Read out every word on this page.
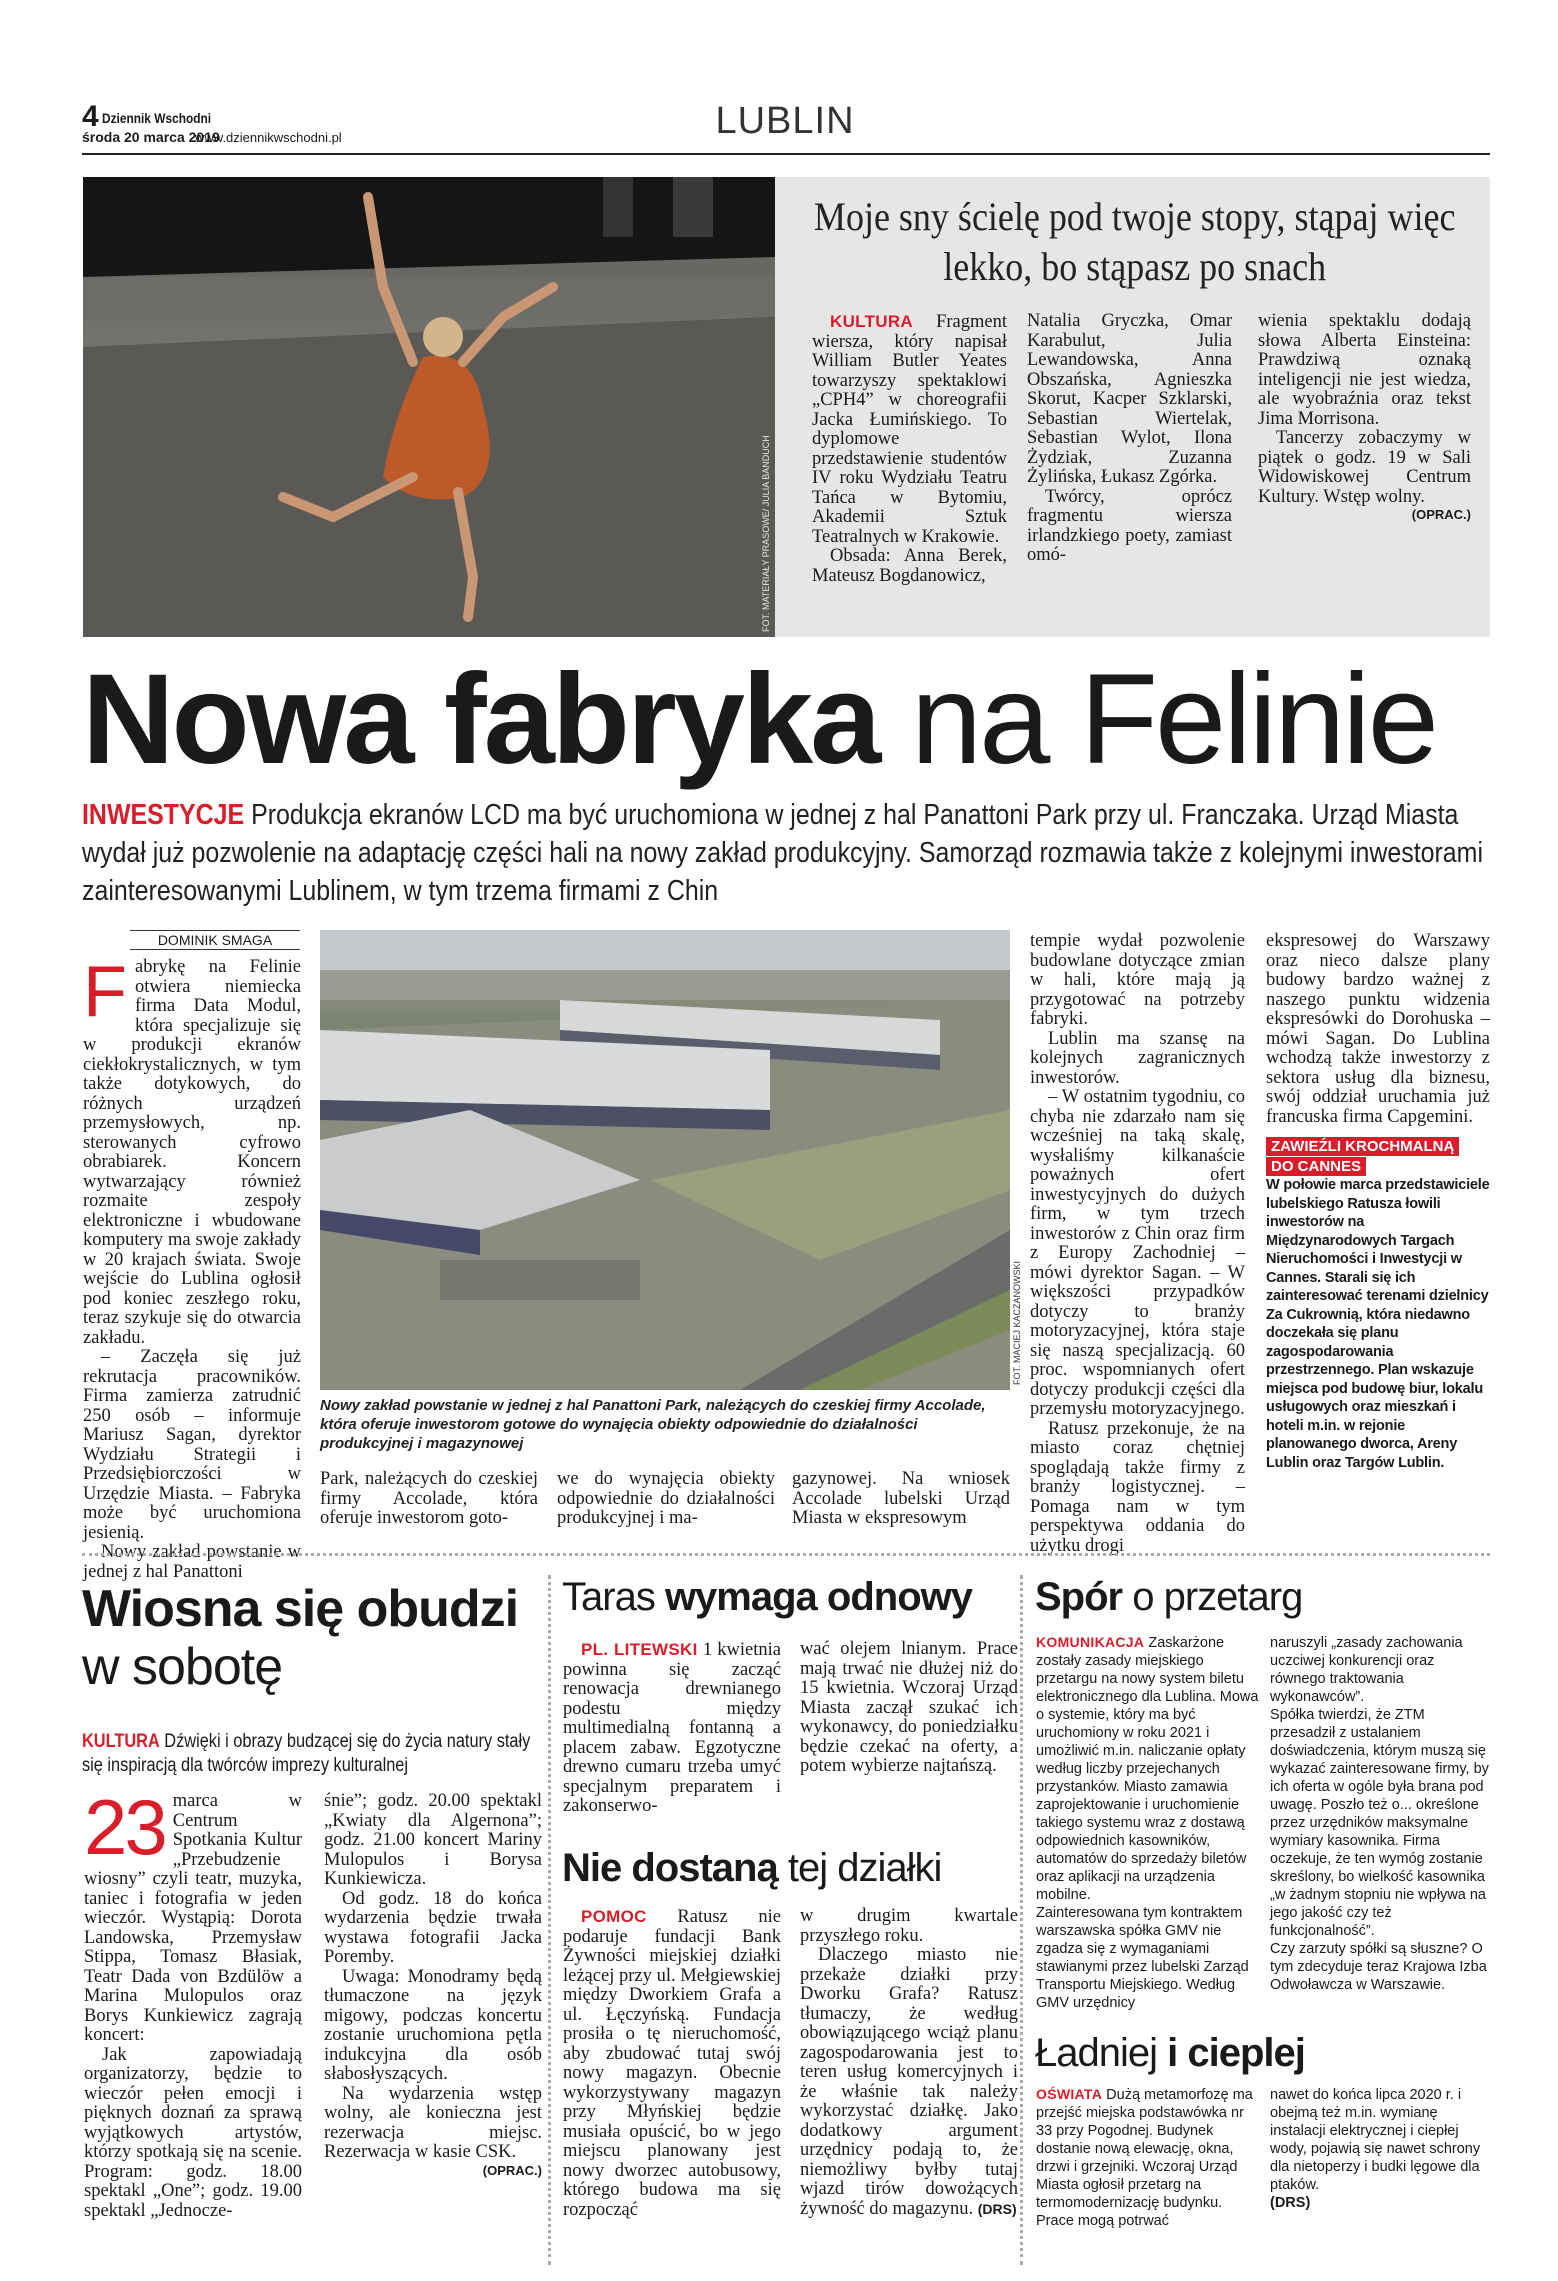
4 Dziennik Wschodni
środa 20 marca 2019
www.dziennikwschodni.pl	LUBLIN
FOT. MATERIAŁY PRASOWE/ JULIA BANDUCH
Moje sny ścielę pod twoje stopy, stąpaj więc lekko, bo stąpasz po snach

KULTURA Fragment wiersza, który napisał William Butler Yeates towarzyszy spektaklowi „CPH4” w choreografii Jacka Łumińskiego. To dyplomowe przedstawienie studentów IV roku Wydziału Teatru Tańca w Bytomiu, Akademii Sztuk Teatralnych w Krakowie.

Obsada: Anna Berek, Mateusz Bogdanowicz,

Natalia Gryczka, Omar Karabulut, Julia Lewandowska, Anna Obszańska, Agnieszka Skorut, Kacper Szklarski, Sebastian Wiertelak, Sebastian Wylot, Ilona Żydziak, Zuzanna Żylińska, Łukasz Zgórka.

Twórcy, oprócz fragmentu wiersza irlandzkiego poety, zamiast omó-

wienia spektaklu dodają słowa Alberta Einsteina: Prawdziwą oznaką inteligencji nie jest wiedza, ale wyobraźnia oraz tekst Jima Morrisona.

Tancerzy zobaczymy w piątek o godz. 19 w Sali Widowiskowej Centrum Kultury. Wstęp wolny.

(OPRAC.)

Nowa fabryka na Felinie
INWESTYCJE Produkcja ekranów LCD ma być uruchomiona w jednej z hal Panattoni Park przy ul. Franczaka. Urząd Miasta wydał już pozwolenie na adaptację części hali na nowy zakład produkcyjny. Samorząd rozmawia także z kolejnymi inwestorami zainteresowanymi Lublinem, w tym trzema firmami z Chin
DOMINIK SMAGA

Fabrykę na Felinie otwiera niemiecka firma Data Modul, która specjalizuje się w produkcji ekranów ciekłokrystalicznych, w tym także dotykowych, do różnych urządzeń przemysłowych, np. sterowanych cyfrowo obrabiarek. Koncern wytwarzający również rozmaite zespoły elektroniczne i wbudowane komputery ma swoje zakłady w 20 krajach świata. Swoje wejście do Lublina ogłosił pod koniec zeszłego roku, teraz szykuje się do otwarcia zakładu.

– Zaczęła się już rekrutacja pracowników. Firma zamierza zatrudnić 250 osób – informuje Mariusz Sagan, dyrektor Wydziału Strategii i Przedsiębiorczości w Urzędzie Miasta. – Fabryka może być uruchomiona jesienią.

Nowy zakład powstanie w jednej z hal Panattoni

FOT. MACIEJ KACZANOWSKI
Nowy zakład powstanie w jednej z hal Panattoni Park, należących do czeskiej firmy Accolade, która oferuje inwestorom gotowe do wynajęcia obiekty odpowiednie do działalności produkcyjnej i magazynowej

Park, należących do czeskiej firmy Accolade, która oferuje inwestorom goto-

we do wynajęcia obiekty odpowiednie do działalności produkcyjnej i ma-

gazynowej. Na wniosek Accolade lubelski Urząd Miasta w ekspresowym

tempie wydał pozwolenie budowlane dotyczące zmian w hali, które mają ją przygotować na potrzeby fabryki.

Lublin ma szansę na kolejnych zagranicznych inwestorów.

– W ostatnim tygodniu, co chyba nie zdarzało nam się wcześniej na taką skalę, wysłaliśmy kilkanaście poważnych ofert inwestycyjnych do dużych firm, w tym trzech inwestorów z Chin oraz firm z Europy Zachodniej – mówi dyrektor Sagan. – W większości przypadków dotyczy to branży motoryzacyjnej, która staje się naszą specjalizacją. 60 proc. wspomnianych ofert dotyczy produkcji części dla przemysłu motoryzacyjnego.

Ratusz przekonuje, że na miasto coraz chętniej spoglądają także firmy z branży logistycznej. – Pomaga nam w tym perspektywa oddania do użytku drogi

ekspresowej do Warszawy oraz nieco dalsze plany budowy bardzo ważnej z naszego punktu widzenia ekspresówki do Dorohuska – mówi Sagan. Do Lublina wchodzą także inwestorzy z sektora usług dla biznesu, swój oddział uruchamia już francuska firma Capgemini.

ZAWIEŹLI KROCHMALNĄ
DO CANNES
W połowie marca przedstawiciele lubelskiego Ratusza łowili inwestorów na Międzynarodowych Targach Nieruchomości i Inwestycji w Cannes. Starali się ich zainteresować terenami dzielnicy Za Cukrownią, która niedawno doczekała się planu zagospodarowania przestrzennego. Plan wskazuje miejsca pod budowę biur, lokalu usługowych oraz mieszkań i hoteli m.in. w rejonie planowanego dworca, Areny Lublin oraz Targów Lublin.
Wiosna się obudzi
w sobotę
KULTURA Dźwięki i obrazy budzącej się do życia natury stały się inspiracją dla twórców imprezy kulturalnej

23 marca w Centrum Spotkania Kultur „Przebudzenie wiosny” czyli teatr, muzyka, taniec i fotografia w jeden wieczór. Wystąpią: Dorota Landowska, Przemysław Stippa, Tomasz Błasiak, Teatr Dada von Bzdülöw a Marina Mulopulos oraz Borys Kunkiewicz zagrają koncert:

Jak zapowiadają organizatorzy, będzie to wieczór pełen emocji i pięknych doznań za sprawą wyjątkowych artystów, którzy spotkają się na scenie. Program: godz. 18.00 spektakl „One”; godz. 19.00 spektakl „Jednocze-

śnie”; godz. 20.00 spektakl „Kwiaty dla Algernona”; godz. 21.00 koncert Mariny Mulopulos i Borysa Kunkiewicza.

Od godz. 18 do końca wydarzenia będzie trwała wystawa fotografii Jacka Poremby.

Uwaga: Monodramy będą tłumaczone na język migowy, podczas koncertu zostanie uruchomiona pętla indukcyjna dla osób słabosłyszących.

Na wydarzenia wstęp wolny, ale konieczna jest rezerwacja miejsc. Rezerwacja w kasie CSK.

(OPRAC.)

Taras wymaga odnowy

PL. LITEWSKI 1 kwietnia powinna się zacząć renowacja drewnianego podestu między multimedialną fontanną a placem zabaw. Egzotyczne drewno cumaru trzeba umyć specjalnym preparatem i zakonserwo-

wać olejem lnianym. Prace mają trwać nie dłużej niż do 15 kwietnia. Wczoraj Urząd Miasta zaczął szukać ich wykonawcy, do poniedziałku będzie czekać na oferty, a potem wybierze najtańszą.

Nie dostaną tej działki

POMOC Ratusz nie podaruje fundacji Bank Żywności miejskiej działki leżącej przy ul. Mełgiewskiej między Dworkiem Grafa a ul. Łęczyńską. Fundacja prosiła o tę nieruchomość, aby zbudować tutaj swój nowy magazyn. Obecnie wykorzystywany magazyn przy Młyńskiej będzie musiała opuścić, bo w jego miejscu planowany jest nowy dworzec autobusowy, którego budowa ma się rozpocząć

w drugim kwartale przyszłego roku.

Dlaczego miasto nie przekaże działki przy Dworku Grafa? Ratusz tłumaczy, że według obowiązującego wciąż planu zagospodarowania jest to teren usług komercyjnych i że właśnie tak należy wykorzystać działkę. Jako dodatkowy argument urzędnicy podają to, że niemożliwy byłby tutaj wjazd tirów dowożących żywność do magazynu. (DRS)

Spór o przetarg

KOMUNIKACJA Zaskarżone zostały zasady miejskiego przetargu na nowy system biletu elektronicznego dla Lublina. Mowa o systemie, który ma być uruchomiony w roku 2021 i umożliwić m.in. naliczanie opłaty według liczby przejechanych przystanków. Miasto zamawia zaprojektowanie i uruchomienie takiego systemu wraz z dostawą odpowiednich kasowników, automatów do sprzedaży biletów oraz aplikacji na urządzenia mobilne.

Zainteresowana tym kontraktem warszawska spółka GMV nie zgadza się z wymaganiami stawianymi przez lubelski Zarząd Transportu Miejskiego. Według GMV urzędnicy

naruszyli „zasady zachowania uczciwej konkurencji oraz równego traktowania wykonawców”.

Spółka twierdzi, że ZTM przesadził z ustalaniem doświadczenia, którym muszą się wykazać zainteresowane firmy, by ich oferta w ogóle była brana pod uwagę. Poszło też o... określone przez urzędników maksymalne wymiary kasownika. Firma oczekuje, że ten wymóg zostanie skreślony, bo wielkość kasownika „w żadnym stopniu nie wpływa na jego jakość czy też funkcjonalność”.

Czy zarzuty spółki są słuszne? O tym zdecyduje teraz Krajowa Izba Odwoławcza w Warszawie.

Ładniej i cieplej

OŚWIATA Dużą metamorfozę ma przejść miejska podstawówka nr 33 przy Pogodnej. Budynek dostanie nową elewację, okna, drzwi i grzejniki. Wczoraj Urząd Miasta ogłosił przetarg na termomodernizację budynku. Prace mogą potrwać

nawet do końca lipca 2020 r. i obejmą też m.in. wymianę instalacji elektrycznej i ciepłej wody, pojawią się nawet schrony dla nietoperzy i budki lęgowe dla ptaków.

(DRS)
